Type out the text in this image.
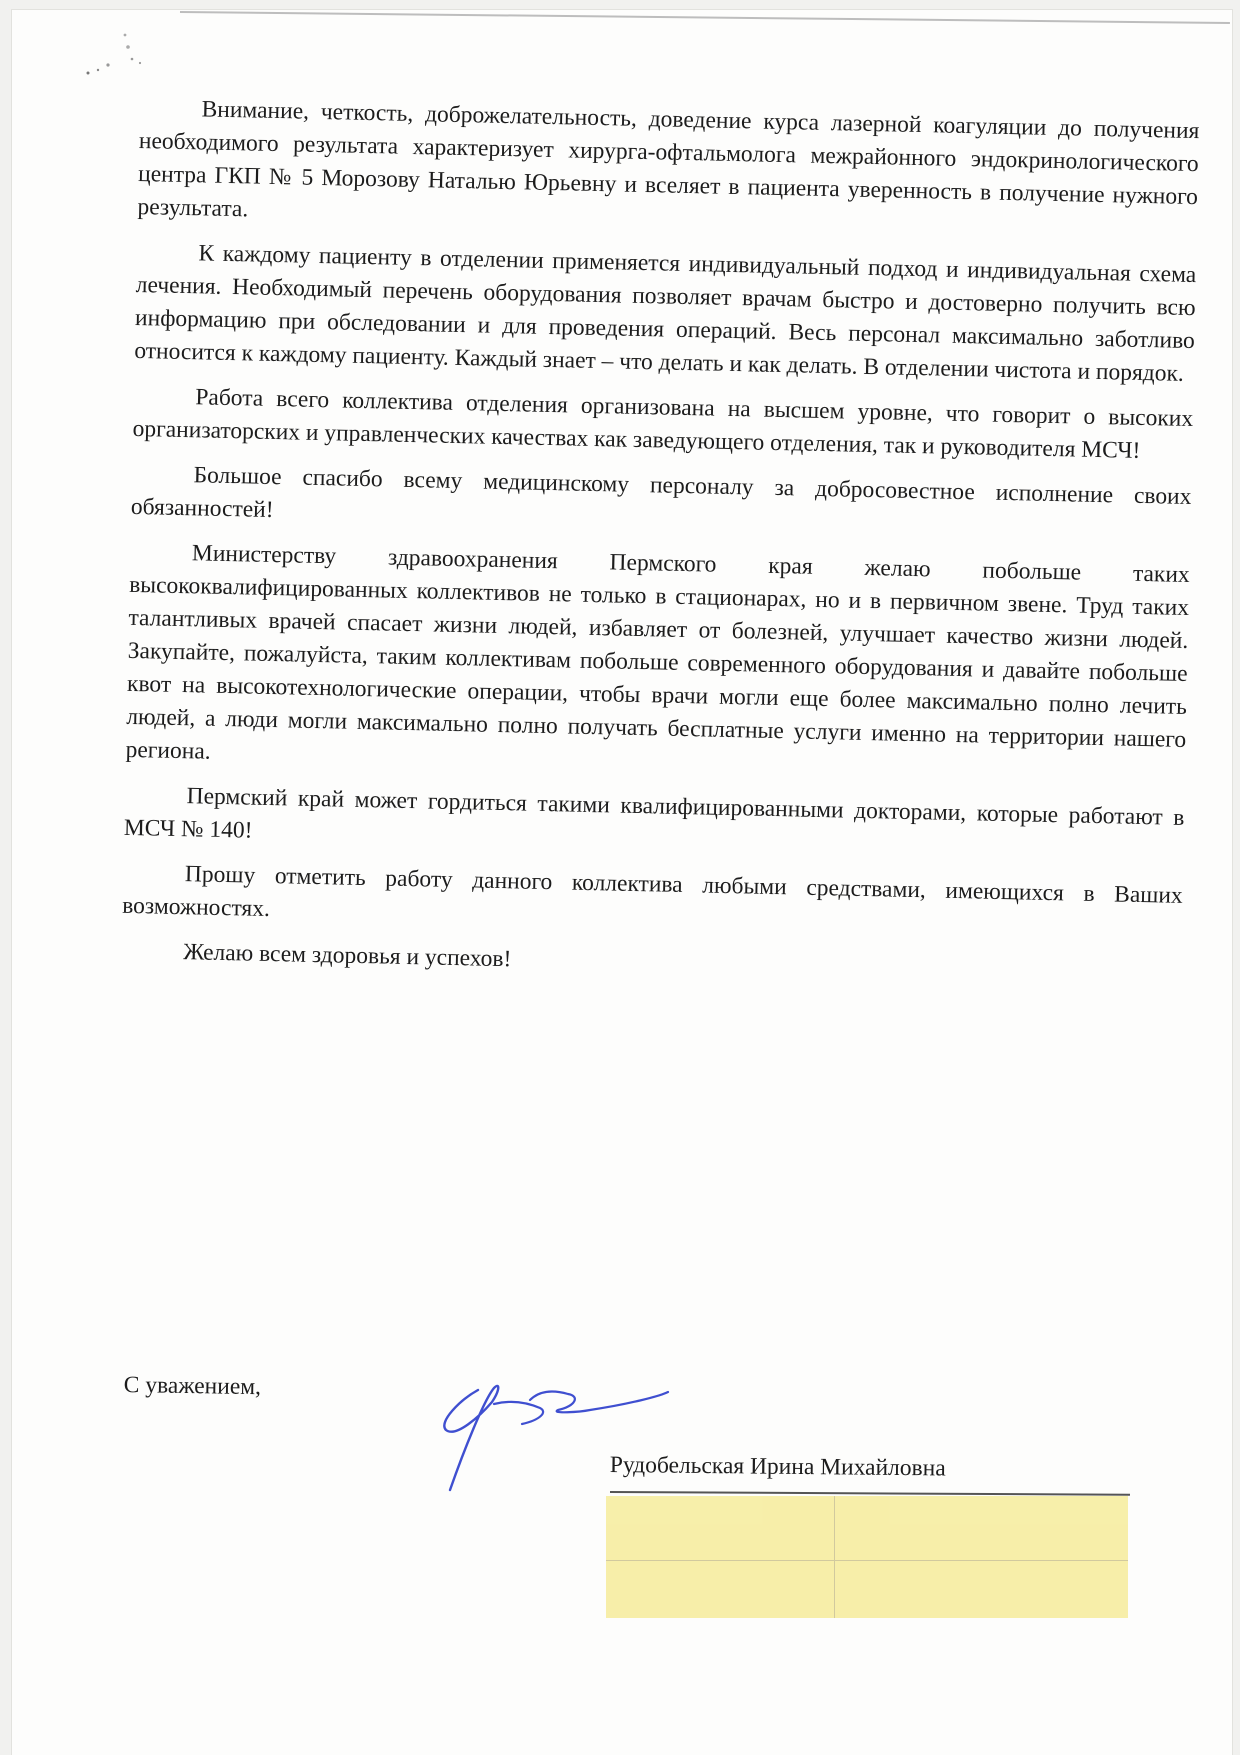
Внимание, четкость, доброжелательность, доведение курса лазерной коагуляции до получения необходимого результата характеризует хирурга-офтальмолога межрайонного эндокринологического центра ГКП № 5 Морозову Наталью Юрьевну и вселяет в пациента уверенность в получение нужного результата.

К каждому пациенту в отделении применяется индивидуальный подход и индивидуальная схема лечения. Необходимый перечень оборудования позволяет врачам быстро и достоверно получить всю информацию при обследовании и для проведения операций. Весь персонал максимально заботливо относится к каждому пациенту. Каждый знает – что делать и как делать. В отделении чистота и порядок.

Работа всего коллектива отделения организована на высшем уровне, что говорит о высоких организаторских и управленческих качествах как заведующего отделения, так и руководителя МСЧ!

Большое спасибо всему медицинскому персоналу за добросовестное исполнение своих обязанностей!

Министерству здравоохранения Пермского края желаю побольше таких высококвалифицированных коллективов не только в стационарах, но и в первичном звене. Труд таких талантливых врачей спасает жизни людей, избавляет от болезней, улучшает качество жизни людей. Закупайте, пожалуйста, таким коллективам побольше современного оборудования и давайте побольше квот на высокотехнологические операции, чтобы врачи могли еще более максимально полно лечить людей, а люди могли максимально полно получать бесплатные услуги именно на территории нашего региона.

Пермский край может гордиться такими квалифицированными докторами, которые работают в МСЧ № 140!

Прошу отметить работу данного коллектива любыми средствами, имеющихся в Ваших возможностях.

Желаю всем здоровья и успехов!

С уважением,
Рудобельская Ирина Михайловна
